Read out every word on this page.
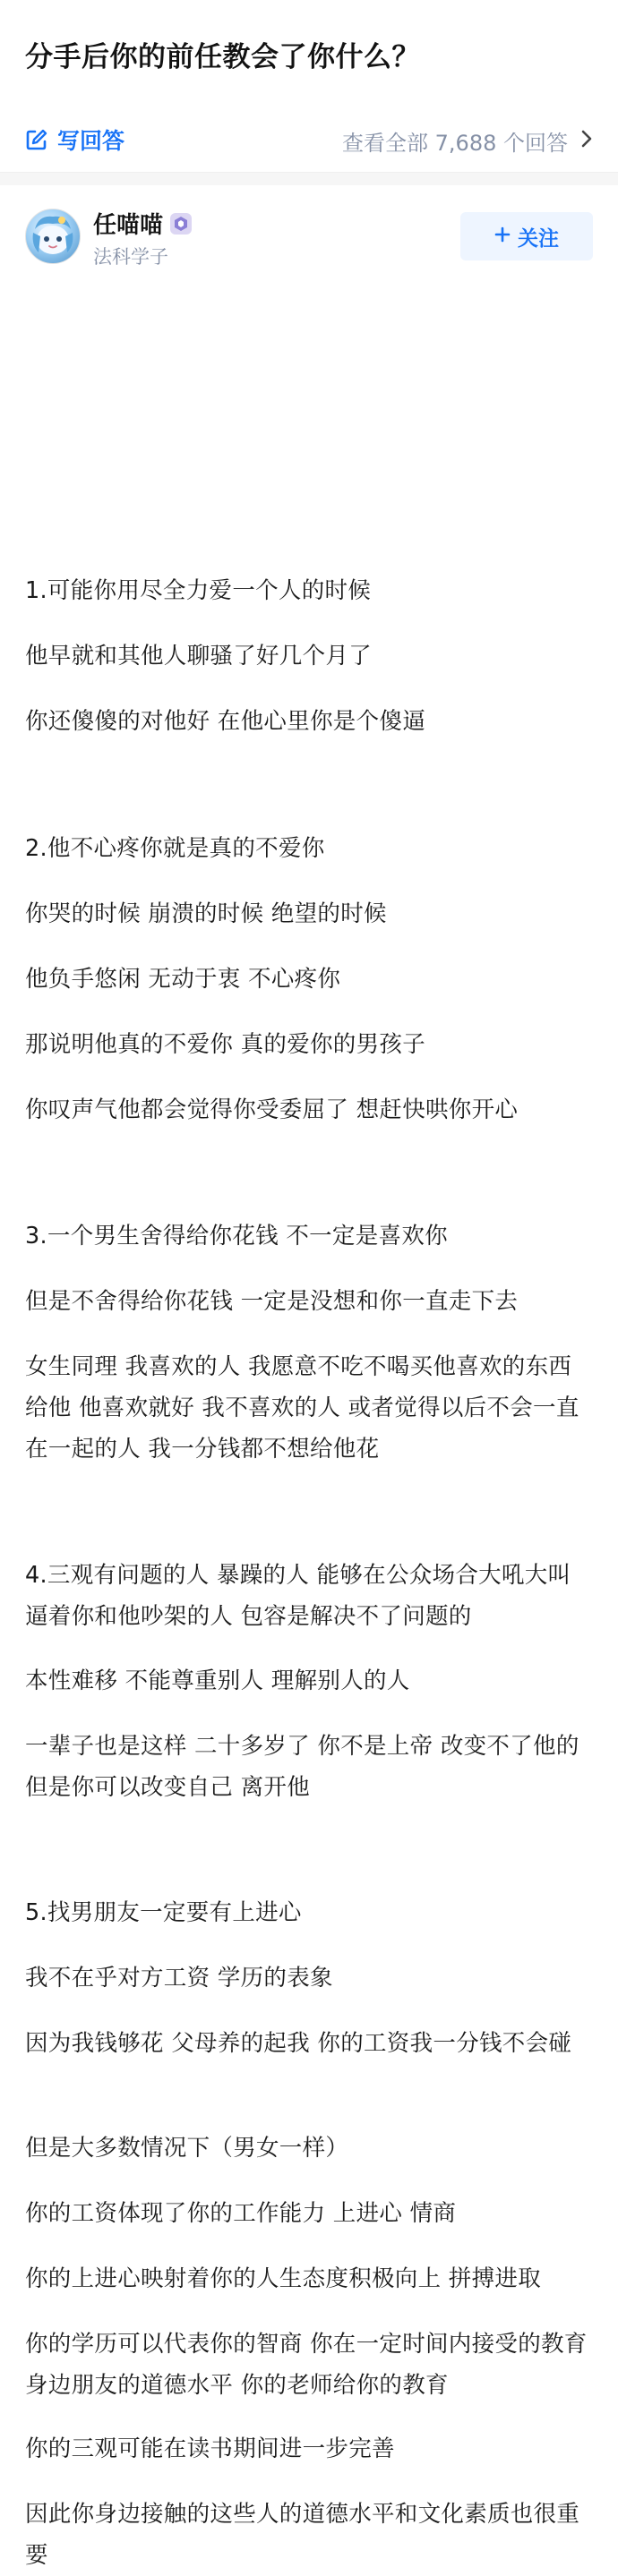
分手后你的前任教会了你什么？
写回答	查看全部 7,688 个回答
任喵喵
法科学子
关注
1.可能你用尽全力爱一个人的时候
他早就和其他人聊骚了好几个月了
你还傻傻的对他好 在他心里你是个傻逼
2.他不心疼你就是真的不爱你
你哭的时候 崩溃的时候 绝望的时候
他负手悠闲 无动于衷 不心疼你
那说明他真的不爱你 真的爱你的男孩子
你叹声气他都会觉得你受委屈了 想赶快哄你开心
3.一个男生舍得给你花钱 不一定是喜欢你
但是不舍得给你花钱 一定是没想和你一直走下去
女生同理 我喜欢的人 我愿意不吃不喝买他喜欢的东西给他 他喜欢就好 我不喜欢的人 或者觉得以后不会一直在一起的人 我一分钱都不想给他花
4.三观有问题的人 暴躁的人 能够在公众场合大吼大叫逼着你和他吵架的人 包容是解决不了问题的
本性难移 不能尊重别人 理解别人的人
一辈子也是这样 二十多岁了 你不是上帝 改变不了他的 但是你可以改变自己 离开他
5.找男朋友一定要有上进心
我不在乎对方工资 学历的表象
因为我钱够花 父母养的起我 你的工资我一分钱不会碰
但是大多数情况下（男女一样）
你的工资体现了你的工作能力 上进心 情商
你的上进心映射着你的人生态度积极向上 拼搏进取
你的学历可以代表你的智商 你在一定时间内接受的教育 身边朋友的道德水平 你的老师给你的教育
你的三观可能在读书期间进一步完善
因此你身边接触的这些人的道德水平和文化素质也很重要
